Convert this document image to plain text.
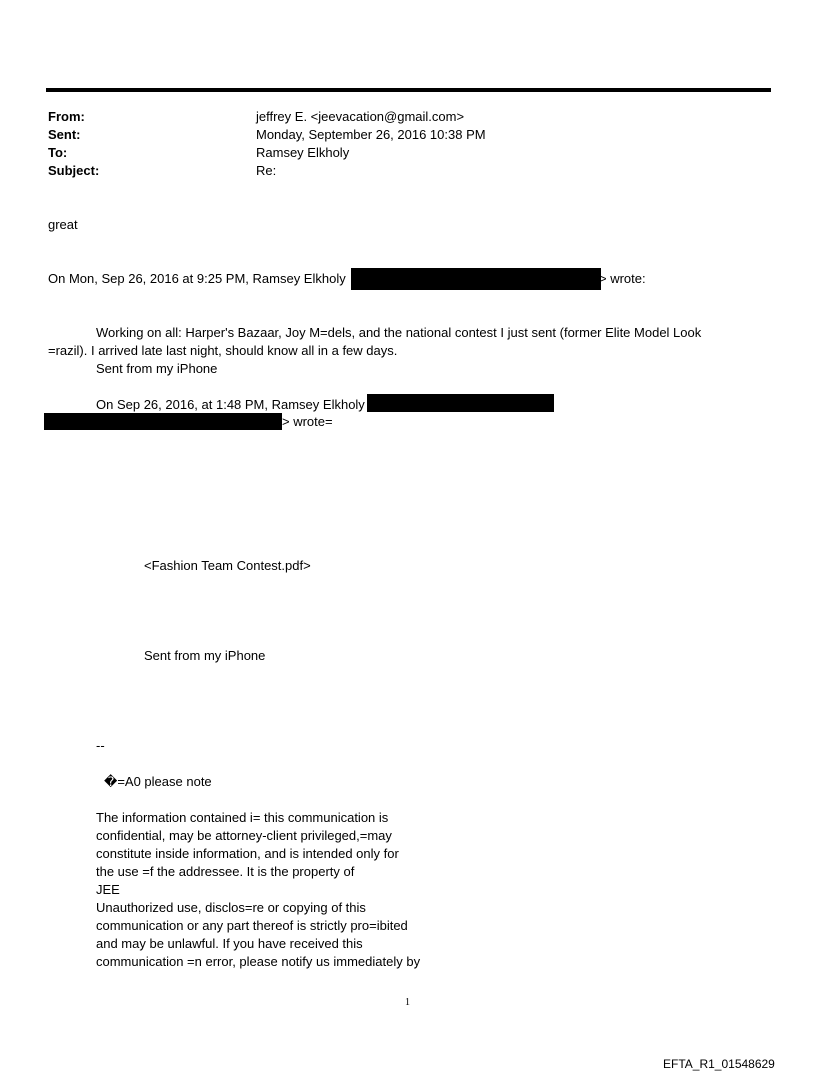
From:	jeffrey E. <jeevacation@gmail.com>
Sent:	Monday, September 26, 2016 10:38 PM
To:	Ramsey Elkholy
Subject:	Re:
great
On Mon, Sep 26, 2016 at 9:25 PM, Ramsey Elkholy	> wrote:
Working on all: Harper's Bazaar, Joy M=dels, and the national contest I just sent (former Elite Model Look
=razil). I arrived late last night, should know all in a few days.
Sent from my iPhone
On Sep 26, 2016, at 1:48 PM, Ramsey Elkholy
> wrote=
<Fashion Team Contest.pdf>
Sent from my iPhone
--
�=A0 please note
The information contained i= this communication is
confidential, may be attorney-client privileged,=may
constitute inside information, and is intended only for
the use =f the addressee. It is the property of
JEE
Unauthorized use, disclos=re or copying of this
communication or any part thereof is strictly pro=ibited
and may be unlawful. If you have received this
communication =n error, please notify us immediately by
1
EFTA_R1_01548629
